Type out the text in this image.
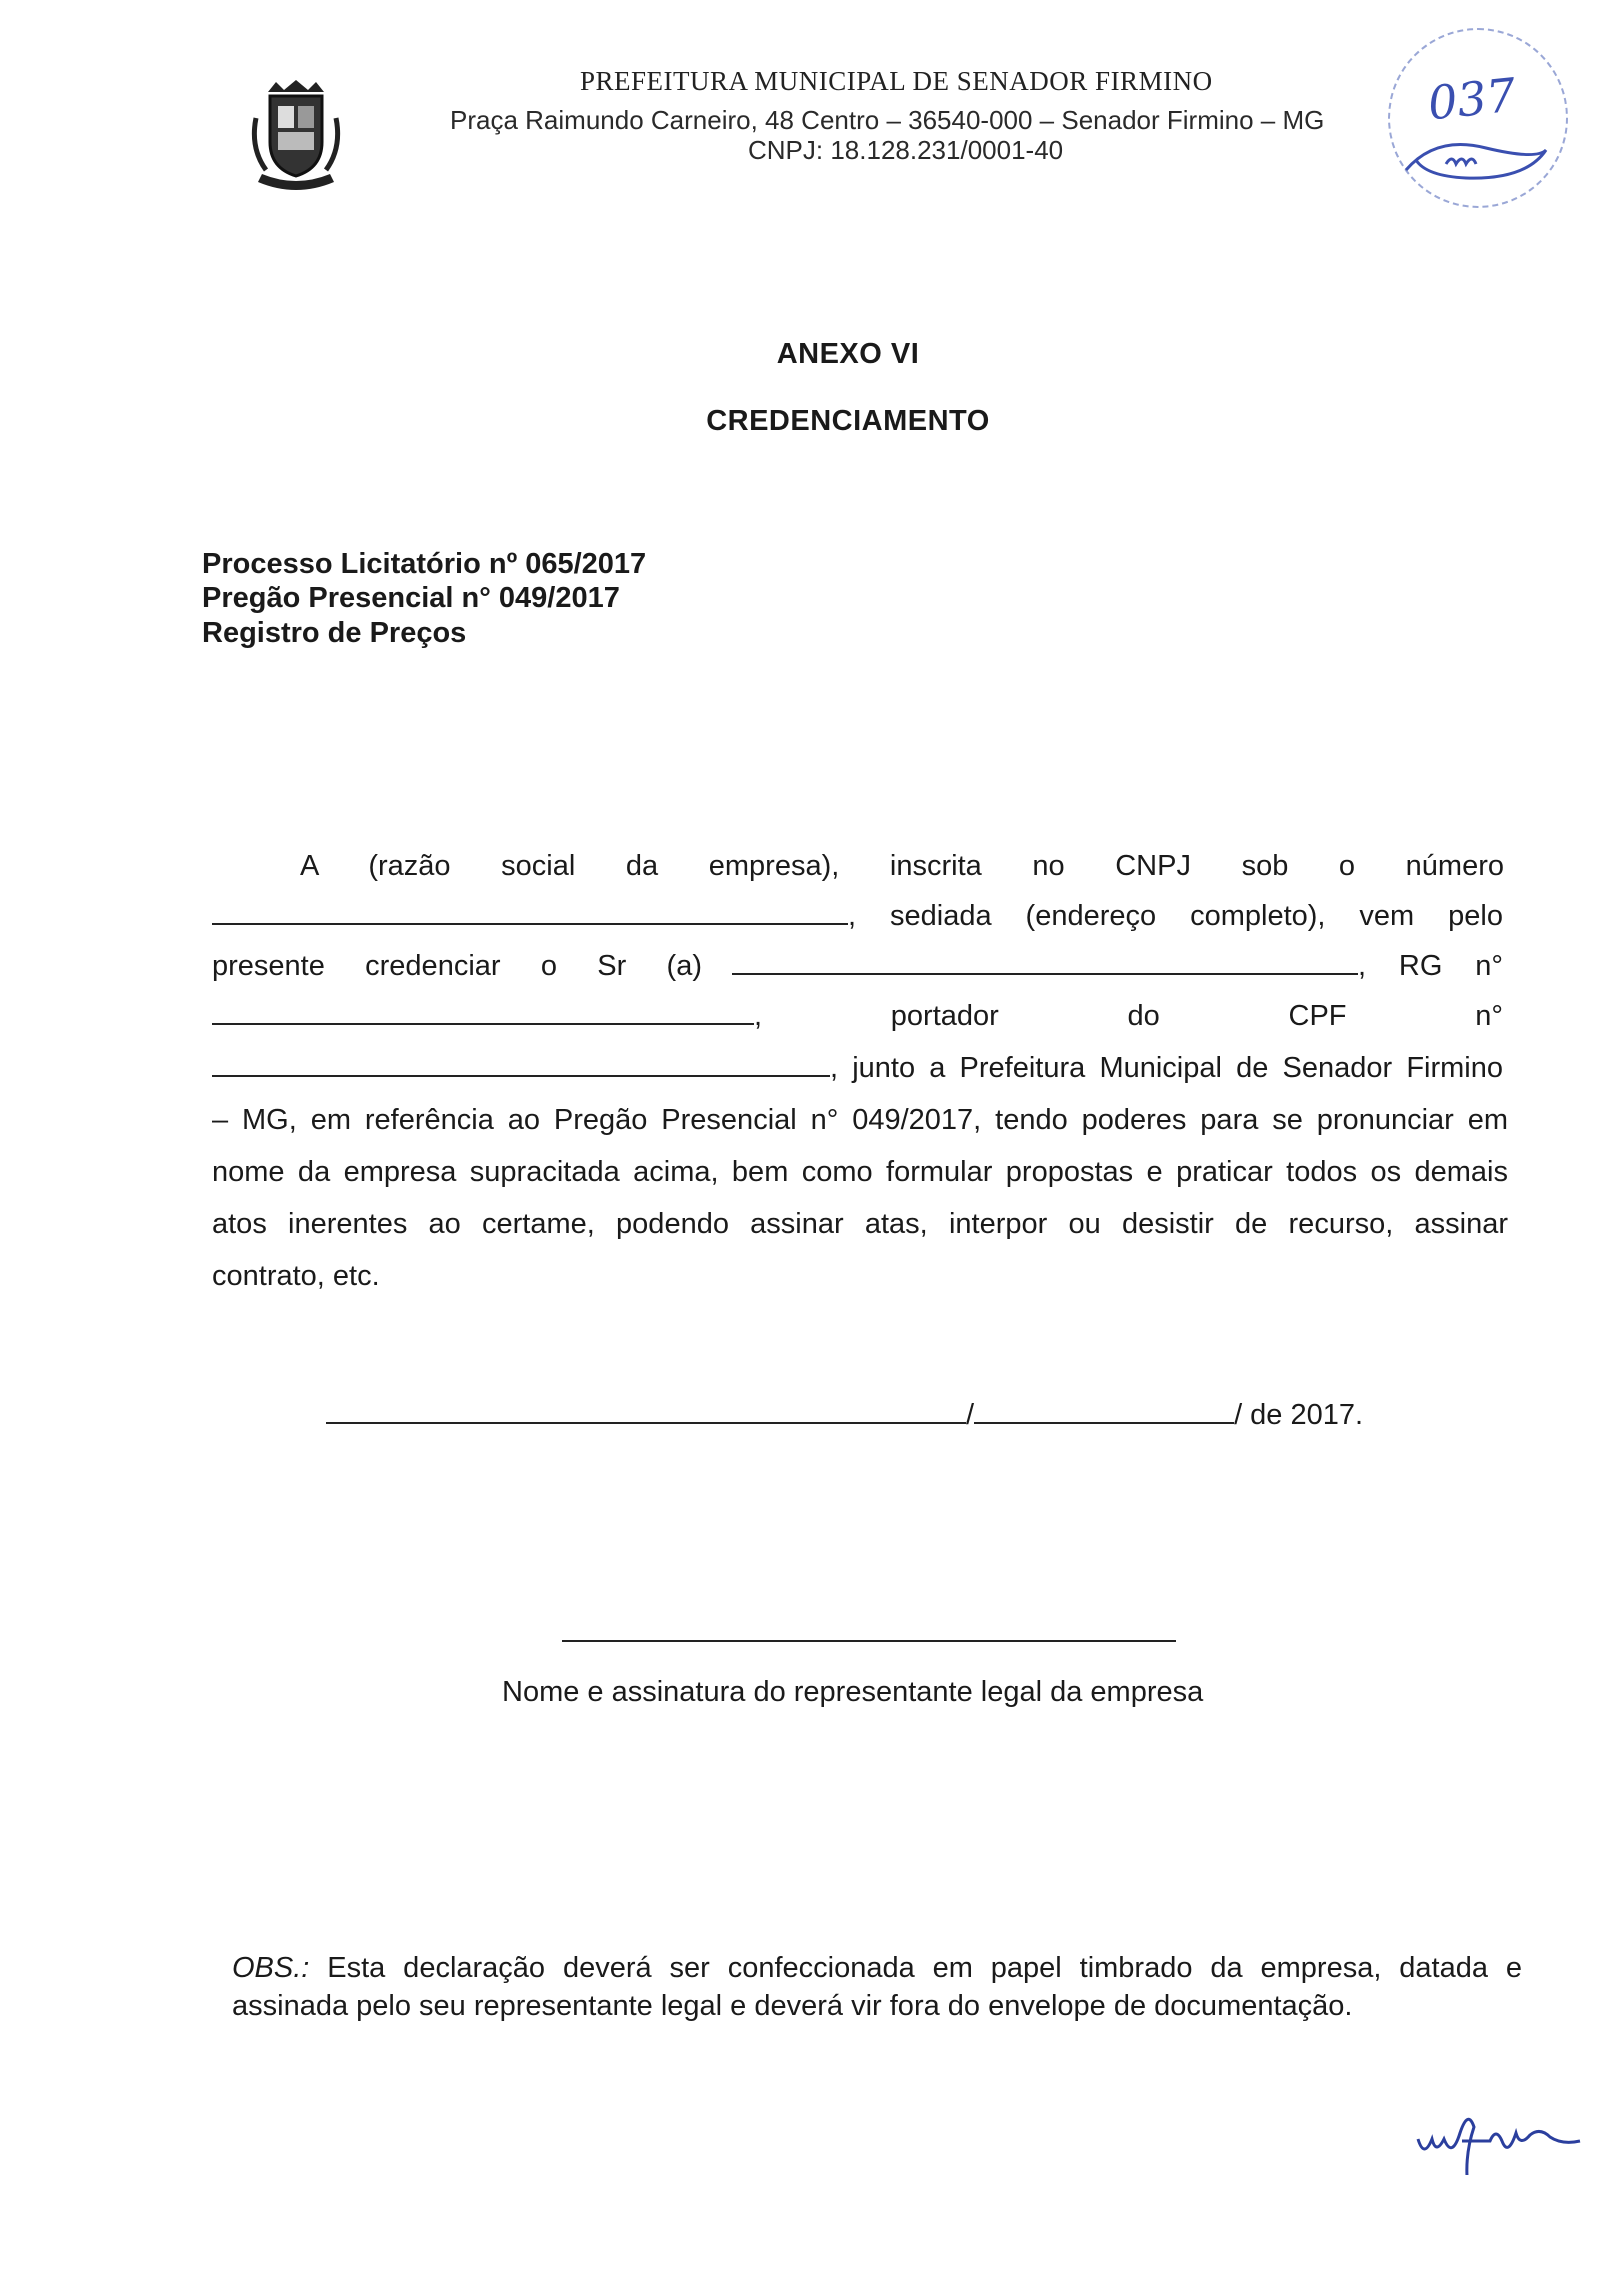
PREFEITURA MUNICIPAL DE SENADOR FIRMINO
Praça Raimundo Carneiro, 48 Centro – 36540-000 – Senador Firmino – MG
CNPJ: 18.128.231/0001-40
037
ANEXO VI
CREDENCIAMENTO
Processo Licitatório nº 065/2017
Pregão Presencial n° 049/2017
Registro de Preços
A (razão social da empresa), inscrita no CNPJ sob o número
, sediada (endereço completo), vem pelo
presente credenciar o Sr (a)	, RG n°
, portador do CPF n°
, junto a Prefeitura Municipal de Senador Firmino
– MG, em referência ao Pregão Presencial n° 049/2017, tendo poderes para se pronunciar em
nome da empresa supracitada acima, bem como formular propostas e praticar todos os demais
atos inerentes ao certame, podendo assinar atas, interpor ou desistir de recurso, assinar
contrato, etc.
/	/ de 2017.
Nome e assinatura do representante legal da empresa
OBS.: Esta declaração deverá ser confeccionada em papel timbrado da empresa, datada e
assinada pelo seu representante legal e deverá vir fora do envelope de documentação.
